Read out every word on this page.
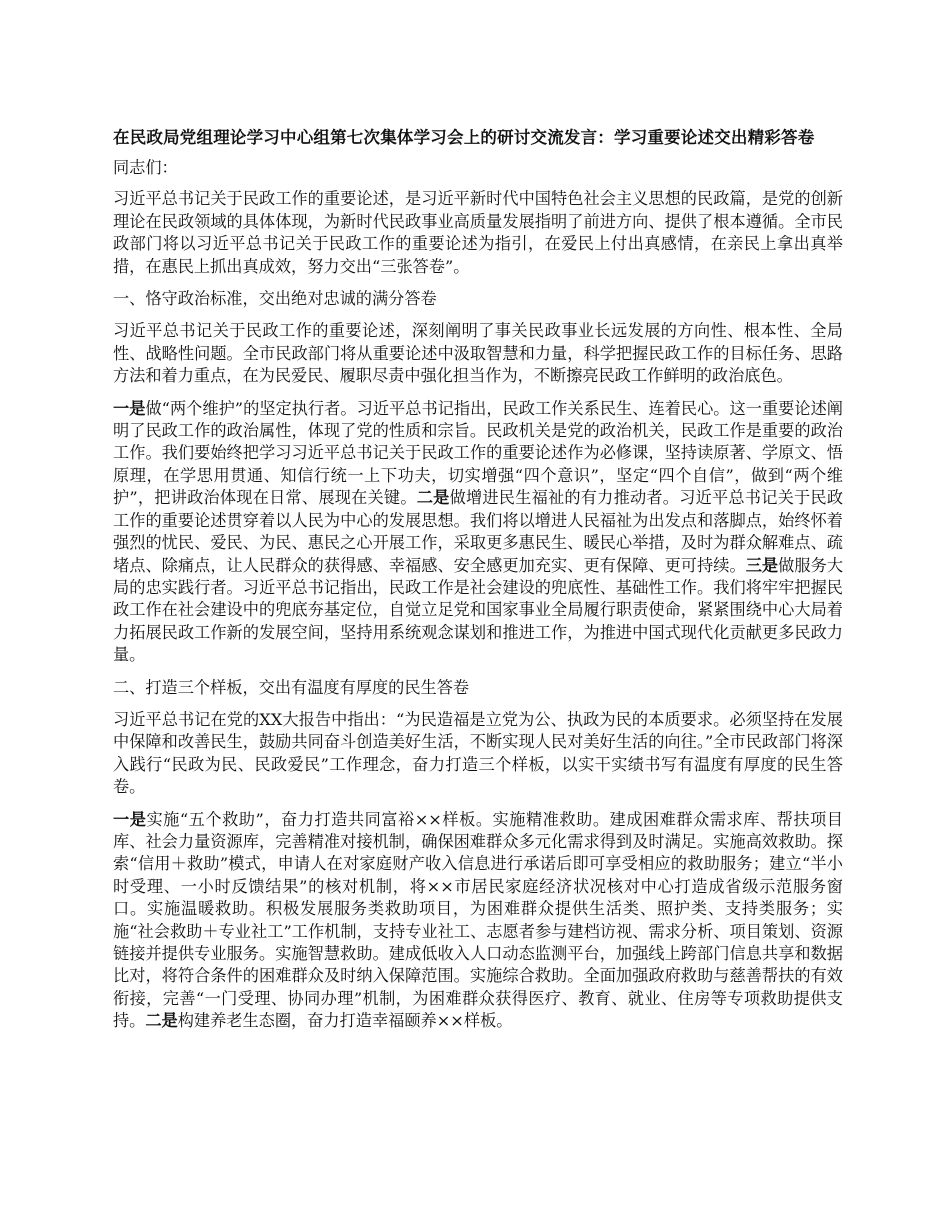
在民政局党组理论学习中心组第七次集体学习会上的研讨交流发言：学习重要论述交出精彩答卷

同志们：

习近平总书记关于民政工作的重要论述，是习近平新时代中国特色社会主义思想的民政篇，是党的创新理论在民政领域的具体体现，为新时代民政事业高质量发展指明了前进方向、提供了根本遵循。全市民政部门将以习近平总书记关于民政工作的重要论述为指引，在爱民上付出真感情，在亲民上拿出真举措，在惠民上抓出真成效，努力交出“三张答卷”。

一、恪守政治标准，交出绝对忠诚的满分答卷

习近平总书记关于民政工作的重要论述，深刻阐明了事关民政事业长远发展的方向性、根本性、全局性、战略性问题。全市民政部门将从重要论述中汲取智慧和力量，科学把握民政工作的目标任务、思路方法和着力重点，在为民爱民、履职尽责中强化担当作为，不断擦亮民政工作鲜明的政治底色。

一是做“两个维护”的坚定执行者。习近平总书记指出，民政工作关系民生、连着民心。这一重要论述阐明了民政工作的政治属性，体现了党的性质和宗旨。民政机关是党的政治机关，民政工作是重要的政治工作。我们要始终把学习习近平总书记关于民政工作的重要论述作为必修课，坚持读原著、学原文、悟原理，在学思用贯通、知信行统一上下功夫，切实增强“四个意识”，坚定“四个自信”，做到“两个维护”，把讲政治体现在日常、展现在关键。二是做增进民生福祉的有力推动者。习近平总书记关于民政工作的重要论述贯穿着以人民为中心的发展思想。我们将以增进人民福祉为出发点和落脚点，始终怀着强烈的忧民、爱民、为民、惠民之心开展工作，采取更多惠民生、暖民心举措，及时为群众解难点、疏堵点、除痛点，让人民群众的获得感、幸福感、安全感更加充实、更有保障、更可持续。三是做服务大局的忠实践行者。习近平总书记指出，民政工作是社会建设的兜底性、基础性工作。我们将牢牢把握民政工作在社会建设中的兜底夯基定位，自觉立足党和国家事业全局履行职责使命，紧紧围绕中心大局着力拓展民政工作新的发展空间，坚持用系统观念谋划和推进工作，为推进中国式现代化贡献更多民政力量。

二、打造三个样板，交出有温度有厚度的民生答卷

习近平总书记在党的XX大报告中指出：“为民造福是立党为公、执政为民的本质要求。必须坚持在发展中保障和改善民生，鼓励共同奋斗创造美好生活，不断实现人民对美好生活的向往。”全市民政部门将深入践行“民政为民、民政爱民”工作理念，奋力打造三个样板，以实干实绩书写有温度有厚度的民生答卷。

一是实施“五个救助”，奋力打造共同富裕××样板。实施精准救助。建成困难群众需求库、帮扶项目库、社会力量资源库，完善精准对接机制，确保困难群众多元化需求得到及时满足。实施高效救助。探索“信用＋救助”模式，申请人在对家庭财产收入信息进行承诺后即可享受相应的救助服务；建立“半小时受理、一小时反馈结果”的核对机制，将××市居民家庭经济状况核对中心打造成省级示范服务窗口。实施温暖救助。积极发展服务类救助项目，为困难群众提供生活类、照护类、支持类服务；实施“社会救助＋专业社工”工作机制，支持专业社工、志愿者参与建档访视、需求分析、项目策划、资源链接并提供专业服务。实施智慧救助。建成低收入人口动态监测平台，加强线上跨部门信息共享和数据比对，将符合条件的困难群众及时纳入保障范围。实施综合救助。全面加强政府救助与慈善帮扶的有效衔接，完善“一门受理、协同办理”机制，为困难群众获得医疗、教育、就业、住房等专项救助提供支持。二是构建养老生态圈，奋力打造幸福颐养××样板。
